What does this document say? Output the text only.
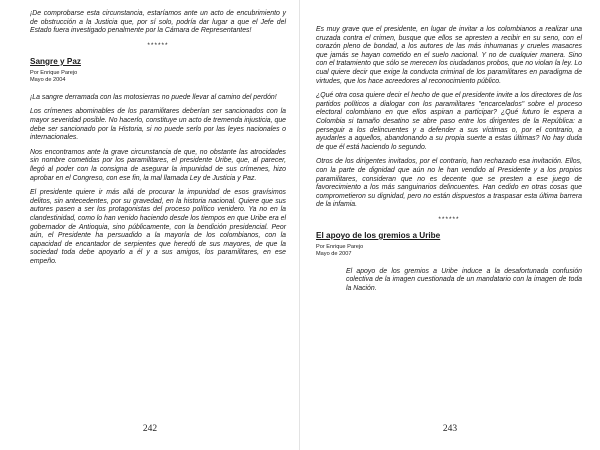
¡De comprobarse esta circunstancia, estaríamos ante un acto de encubrimiento y de obstrucción a la Justicia que, por sí solo, podría dar lugar a que el Jefe del Estado fuera investigado penalmente por la Cámara de Representantes!

******
Sangre y Paz
Por Enrique Parejo
Mayo de 2004

¡La sangre derramada con las motosierras no puede llevar al camino del perdón!

Los crímenes abominables de los paramilitares deberían ser sancionados con la mayor severidad posible. No hacerlo, constituye un acto de tremenda injusticia, que debe ser sancionado por la Historia, si no puede serlo por las leyes nacionales o internacionales.

Nos encontramos ante la grave circunstancia de que, no obstante las atrocidades sin nombre cometidas por los paramilitares, el presidente Uribe, que, al parecer, llegó al poder con la consigna de asegurar la impunidad de sus crímenes, hizo aprobar en el Congreso, con ese fin, la mal llamada Ley de Justicia y Paz.

El presidente quiere ir más allá de procurar la impunidad de esos gravísimos delitos, sin antecedentes, por su gravedad, en la historia nacional. Quiere que sus autores pasen a ser los protagonistas del proceso político venidero. Ya no en la clandestinidad, como lo han venido haciendo desde los tiempos en que Uribe era el gobernador de Antioquia, sino públicamente, con la bendición presidencial. Peor aún, el Presidente ha persuadido a la mayoría de los colombianos, con la capacidad de encantador de serpientes que heredó de sus mayores, de que la sociedad toda debe apoyarlo a él y a sus amigos, los paramilitares, en ese empeño.

242

Es muy grave que el presidente, en lugar de invitar a los colombianos a realizar una cruzada contra el crimen, busque que ellos se apresten a recibir en su seno, con el corazón pleno de bondad, a los autores de las más inhumanas y crueles masacres que jamás se hayan cometido en el suelo nacional. Y no de cualquier manera. Sino con el tratamiento que sólo se merecen los ciudadanos probos, que no violan la ley. Lo cual quiere decir que exige la conducta criminal de los paramilitares en paradigma de virtudes, que los hace acreedores al reconocimiento público.

¿Qué otra cosa quiere decir el hecho de que el presidente invite a los directores de los partidos políticos a dialogar con los paramilitares "encarcelados" sobre el proceso electoral colombiano en que ellos aspiran a participar? ¿Qué futuro le espera a Colombia si tamaño desatino se abre paso entre los dirigentes de la República: a perseguir a los delincuentes y a defender a sus víctimas o, por el contrario, a ayudarles a aquellos, abandonando a su propia suerte a estas últimas? No hay duda de que él está haciendo lo segundo.

Otros de los dirigentes invitados, por el contrario, han rechazado esa invitación. Ellos, con la parte de dignidad que aún no le han vendido al Presidente y a los propios paramilitares, consideran que no es decente que se presten a ese juego de favorecimiento a los más sanguinarios delincuentes. Han cedido en otras cosas que comprometieron su dignidad, pero no están dispuestos a traspasar esta última barrera de la infamia.

******
El apoyo de los gremios a Uribe
Por Enrique Parejo
Mayo de 2007

El apoyo de los gremios a Uribe induce a la desafortunada confusión colectiva de la imagen cuestionada de un mandatario con la imagen de toda la Nación.

243
